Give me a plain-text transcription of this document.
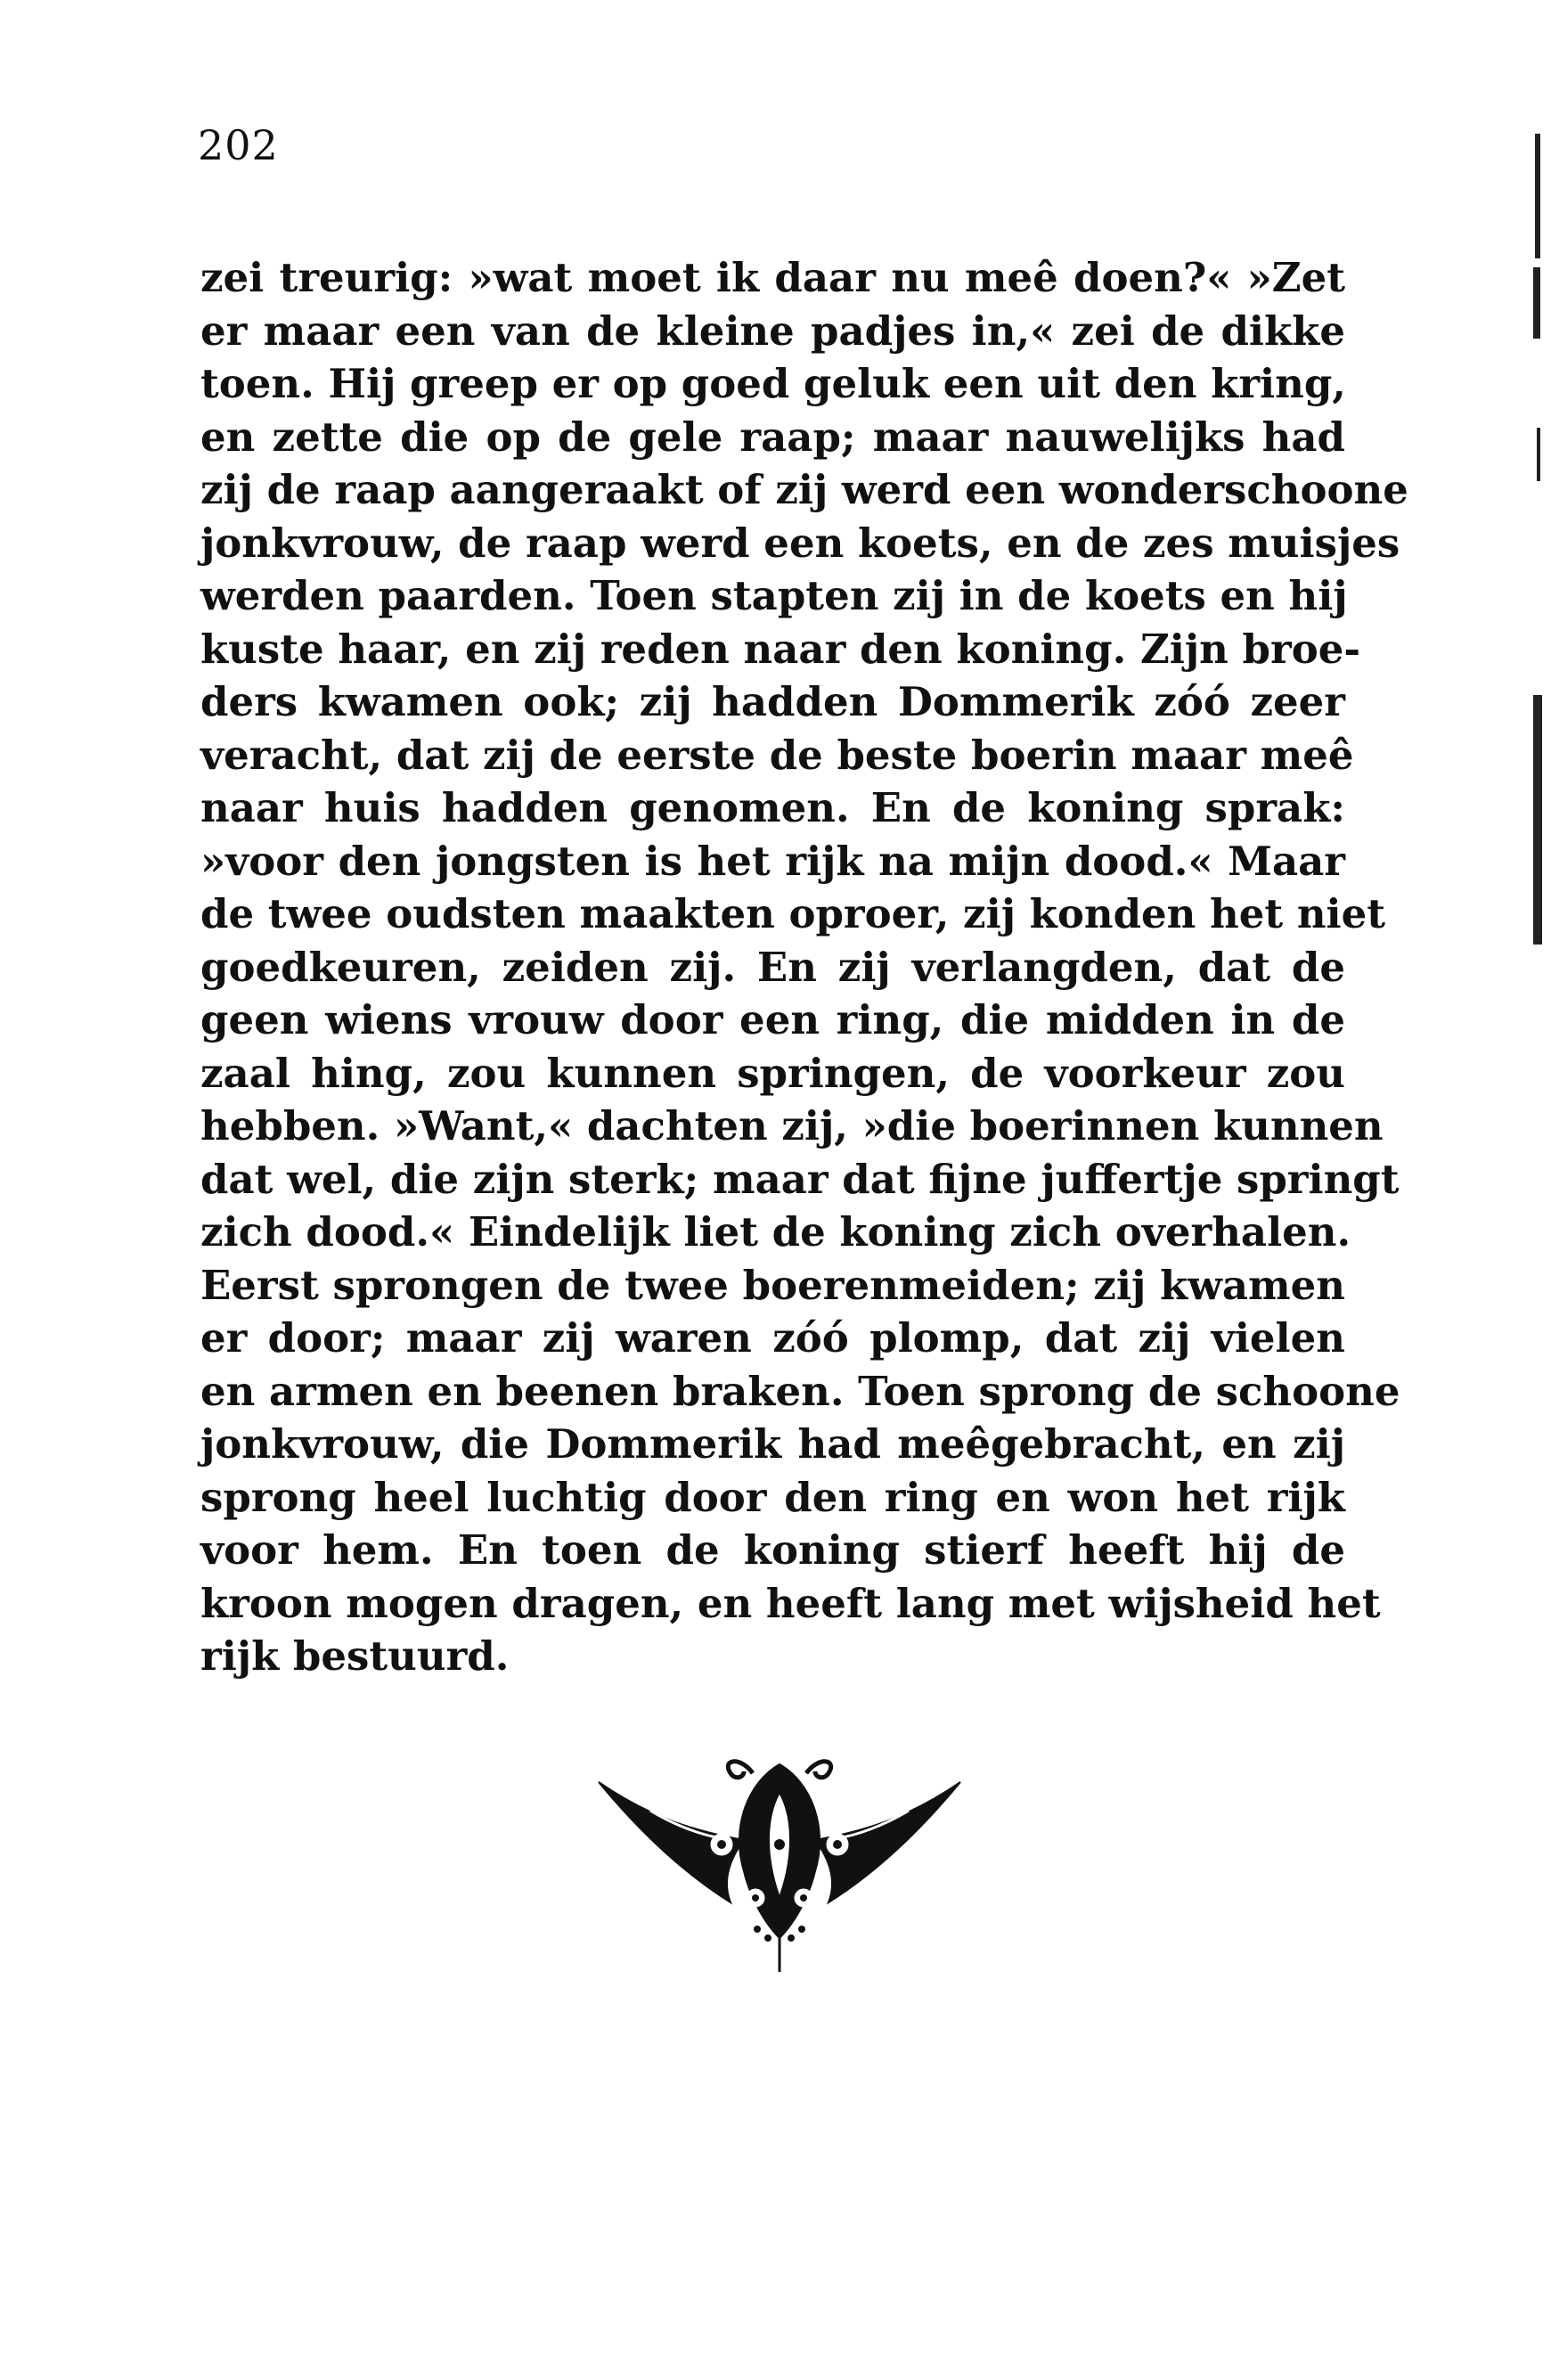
202
zei treurig: »wat moet ik daar nu meê doen?« »Zet
er maar een van de kleine padjes in,« zei de dikke
toen. Hij greep er op goed geluk een uit den kring,
en zette die op de gele raap; maar nauwelijks had
zij de raap aangeraakt of zij werd een wonderschoone
jonkvrouw, de raap werd een koets, en de zes muisjes
werden paarden. Toen stapten zij in de koets en hij
kuste haar, en zij reden naar den koning. Zijn broe-
ders kwamen ook; zij hadden Dommerik zóó zeer
veracht, dat zij de eerste de beste boerin maar meê
naar huis hadden genomen. En de koning sprak:
»voor den jongsten is het rijk na mijn dood.« Maar
de twee oudsten maakten oproer, zij konden het niet
goedkeuren, zeiden zij. En zij verlangden, dat de
geen wiens vrouw door een ring, die midden in de
zaal hing, zou kunnen springen, de voorkeur zou
hebben. »Want,« dachten zij, »die boerinnen kunnen
dat wel, die zijn sterk; maar dat fijne juffertje springt
zich dood.« Eindelijk liet de koning zich overhalen.
Eerst sprongen de twee boerenmeiden; zij kwamen
er door; maar zij waren zóó plomp, dat zij vielen
en armen en beenen braken. Toen sprong de schoone
jonkvrouw, die Dommerik had meêgebracht, en zij
sprong heel luchtig door den ring en won het rijk
voor hem. En toen de koning stierf heeft hij de
kroon mogen dragen, en heeft lang met wijsheid het
rijk bestuurd.
